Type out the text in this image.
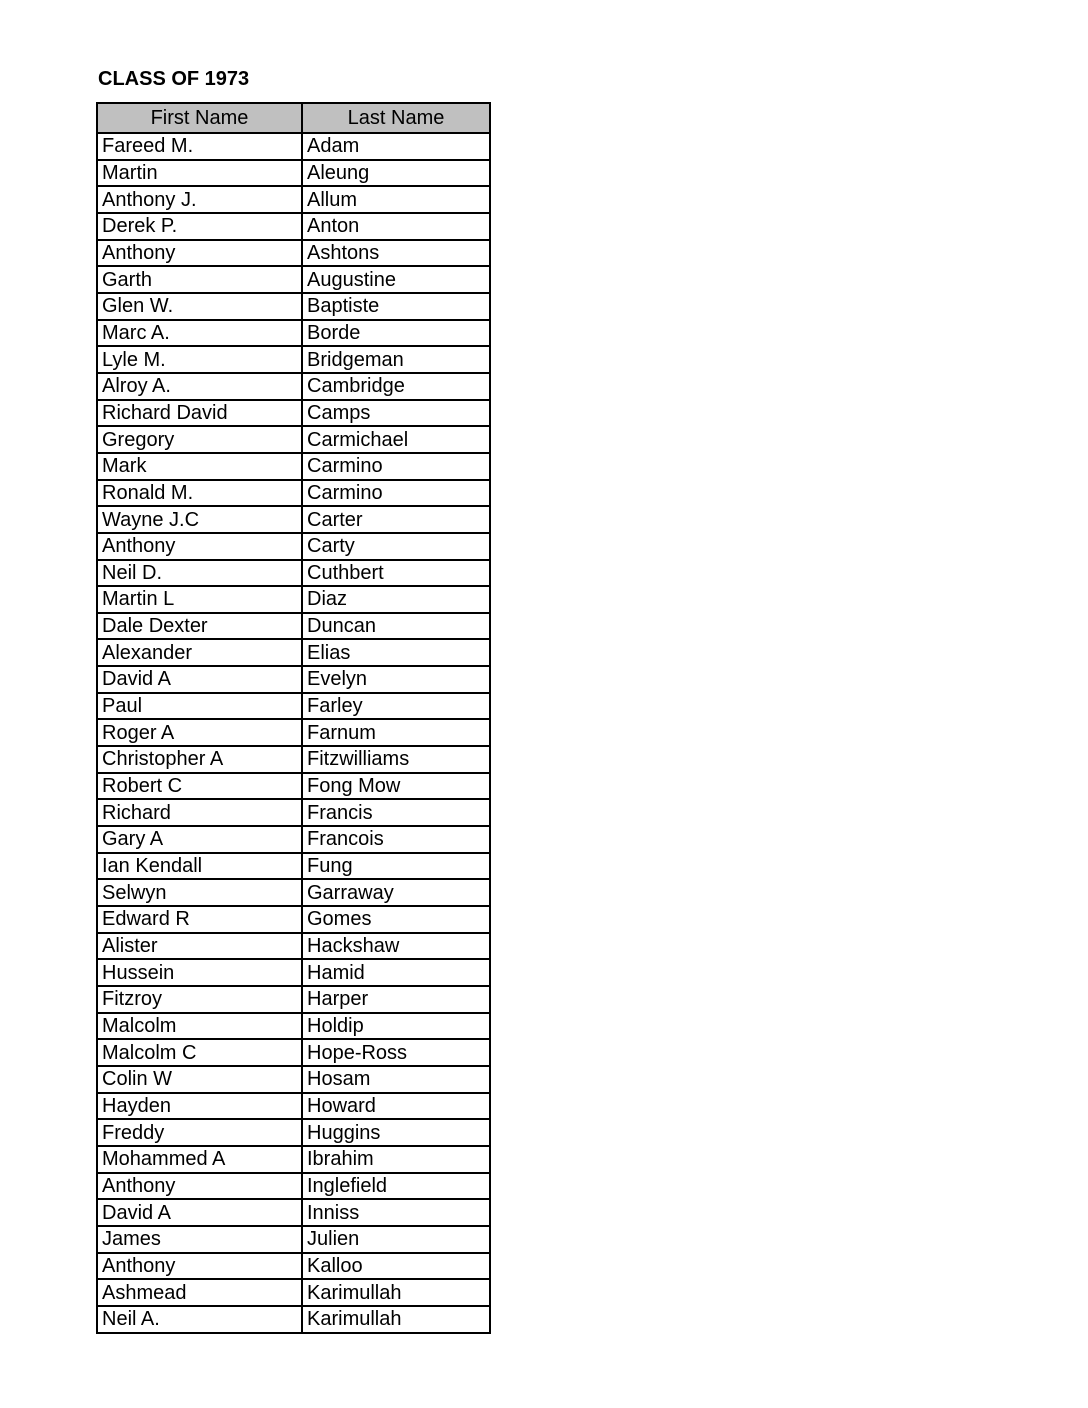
CLASS OF 1973
First Name	Last Name
Fareed M.	Adam
Martin	Aleung
Anthony J.	Allum
Derek P.	Anton
Anthony	Ashtons
Garth	Augustine
Glen W.	Baptiste
Marc A.	Borde
Lyle M.	Bridgeman
Alroy A.	Cambridge
Richard David	Camps
Gregory	Carmichael
Mark	Carmino
Ronald M.	Carmino
Wayne J.C	Carter
Anthony	Carty
Neil D.	Cuthbert
Martin L	Diaz
Dale Dexter	Duncan
Alexander	Elias
David A	Evelyn
Paul	Farley
Roger A	Farnum
Christopher A	Fitzwilliams
Robert C	Fong Mow
Richard	Francis
Gary A	Francois
Ian Kendall	Fung
Selwyn	Garraway
Edward R	Gomes
Alister	Hackshaw
Hussein	Hamid
Fitzroy	Harper
Malcolm	Holdip
Malcolm C	Hope-Ross
Colin W	Hosam
Hayden	Howard
Freddy	Huggins
Mohammed A	Ibrahim
Anthony	Inglefield
David A	Inniss
James	Julien
Anthony	Kalloo
Ashmead	Karimullah
Neil A.	Karimullah
